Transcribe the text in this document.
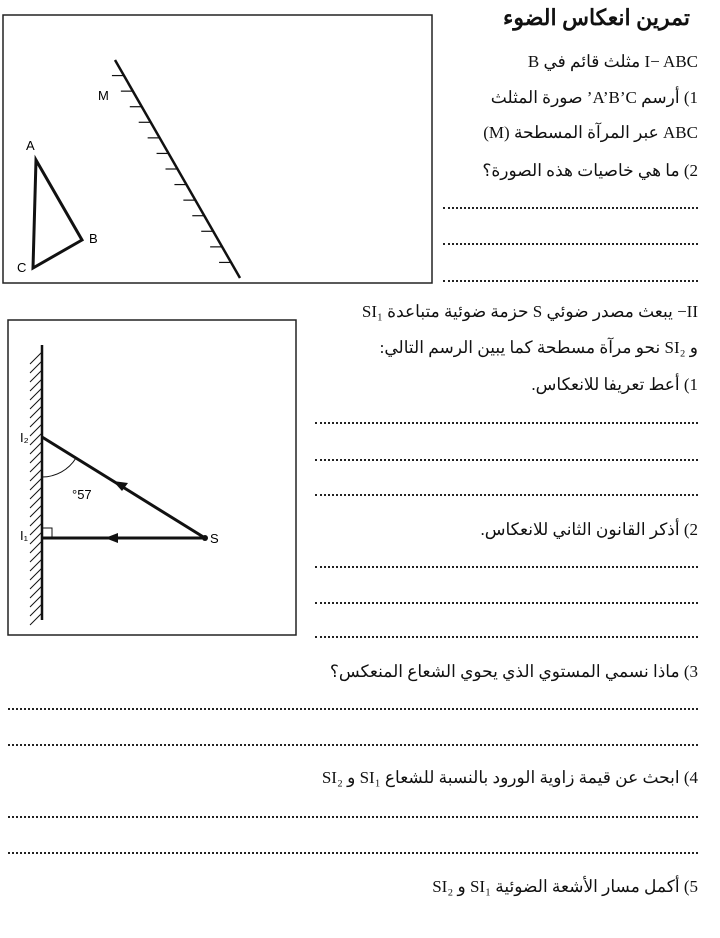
تمرين انعكاس الضوء
I− ABC مثلث قائم في B
1) أرسم A’B’C’ صورة المثلث
ABC عبر المرآة المسطحة (M)
2) ما هي خاصيات هذه الصورة؟
II− يبعث مصدر ضوئي S حزمة ضوئية متباعدة SI₁
و SI₂ نحو مرآة مسطحة كما يبين الرسم التالي:
1) أعط تعريفا للانعكاس.
2) أذكر القانون الثاني للانعكاس.
3) ماذا نسمي المستوي الذي يحوي الشعاع المنعكس؟
4) ابحث عن قيمة زاوية الورود بالنسبة للشعاع SI₁ و SI₂
5) أكمل مسار الأشعة الضوئية SI₁ و SI₂
M
A
B
C
°57
I₂
I₁	S
